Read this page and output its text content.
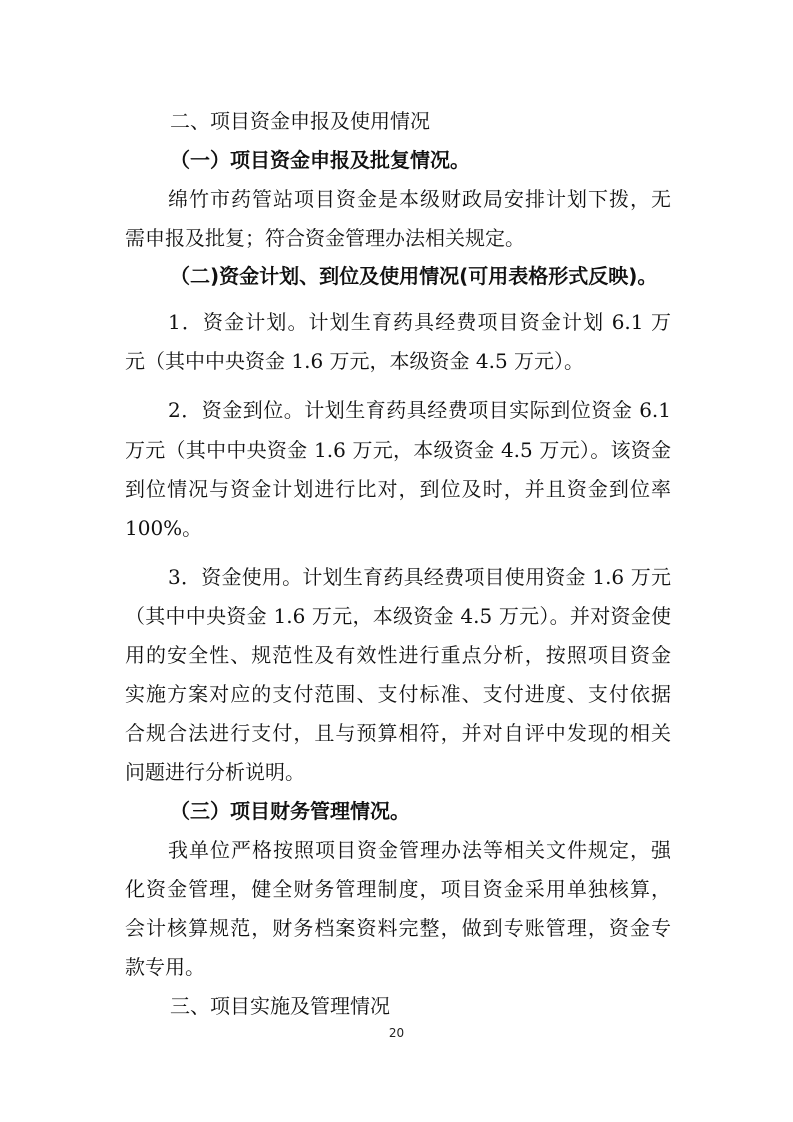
二、项目资金申报及使用情况

（一）项目资金申报及批复情况。

绵竹市药管站项目资金是本级财政局安排计划下拨，无

需申报及批复；符合资金管理办法相关规定。

（二)资金计划、到位及使用情况(可用表格形式反映)。

1．资金计划。计划生育药具经费项目资金计划 6.1 万

元（其中中央资金 1.6 万元，本级资金 4.5 万元）。

2．资金到位。计划生育药具经费项目实际到位资金 6.1

万元（其中中央资金 1.6 万元，本级资金 4.5 万元）。该资金

到位情况与资金计划进行比对，到位及时，并且资金到位率

100%。

3．资金使用。计划生育药具经费项目使用资金 1.6 万元

（其中中央资金 1.6 万元，本级资金 4.5 万元）。并对资金使

用的安全性、规范性及有效性进行重点分析，按照项目资金

实施方案对应的支付范围、支付标准、支付进度、支付依据

合规合法进行支付，且与预算相符，并对自评中发现的相关

问题进行分析说明。

（三）项目财务管理情况。

我单位严格按照项目资金管理办法等相关文件规定，强

化资金管理，健全财务管理制度，项目资金采用单独核算，

会计核算规范，财务档案资料完整，做到专账管理，资金专

款专用。

三、项目实施及管理情况

20
